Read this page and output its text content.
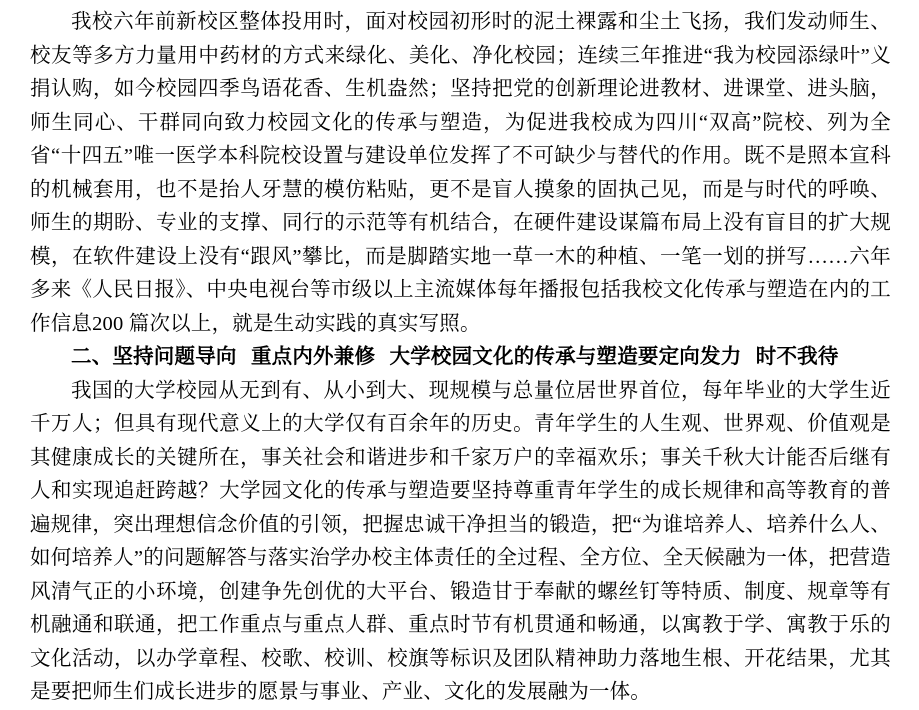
我校六年前新校区整体投用时，面对校园初形时的泥土裸露和尘土飞扬，我们发动师生、校友等多方力量用中药材的方式来绿化、美化、净化校园；连续三年推进“我为校园添绿叶”义捐认购，如今校园四季鸟语花香、生机盎然；坚持把党的创新理论进教材、进课堂、进头脑，师生同心、干群同向致力校园文化的传承与塑造，为促进我校成为四川“双高”院校、列为全省“十四五”唯一医学本科院校设置与建设单位发挥了不可缺少与替代的作用。既不是照本宣科的机械套用，也不是抬人牙慧的模仿粘贴，更不是盲人摸象的固执己见，而是与时代的呼唤、师生的期盼、专业的支撑、同行的示范等有机结合，在硬件建设谋篇布局上没有盲目的扩大规模，在软件建设上没有“跟风”攀比，而是脚踏实地一草一木的种植、一笔一划的拼写……六年多来《人民日报》、中央电视台等市级以上主流媒体每年播报包括我校文化传承与塑造在内的工作信息200 篇次以上，就是生动实践的真实写照。

二、坚持问题导向 重点内外兼修 大学校园文化的传承与塑造要定向发力 时不我待

我国的大学校园从无到有、从小到大、现规模与总量位居世界首位，每年毕业的大学生近千万人；但具有现代意义上的大学仅有百余年的历史。青年学生的人生观、世界观、价值观是其健康成长的关键所在，事关社会和谐进步和千家万户的幸福欢乐；事关千秋大计能否后继有人和实现追赶跨越？大学园文化的传承与塑造要坚持尊重青年学生的成长规律和高等教育的普遍规律，突出理想信念价值的引领，把握忠诚干净担当的锻造，把“为谁培养人、培养什么人、如何培养人”的问题解答与落实治学办校主体责任的全过程、全方位、全天候融为一体，把营造风清气正的小环境，创建争先创优的大平台、锻造甘于奉献的螺丝钉等特质、制度、规章等有机融通和联通，把工作重点与重点人群、重点时节有机贯通和畅通，以寓教于学、寓教于乐的文化活动，以办学章程、校歌、校训、校旗等标识及团队精神助力落地生根、开花结果，尤其是要把师生们成长进步的愿景与事业、产业、文化的发展融为一体。
